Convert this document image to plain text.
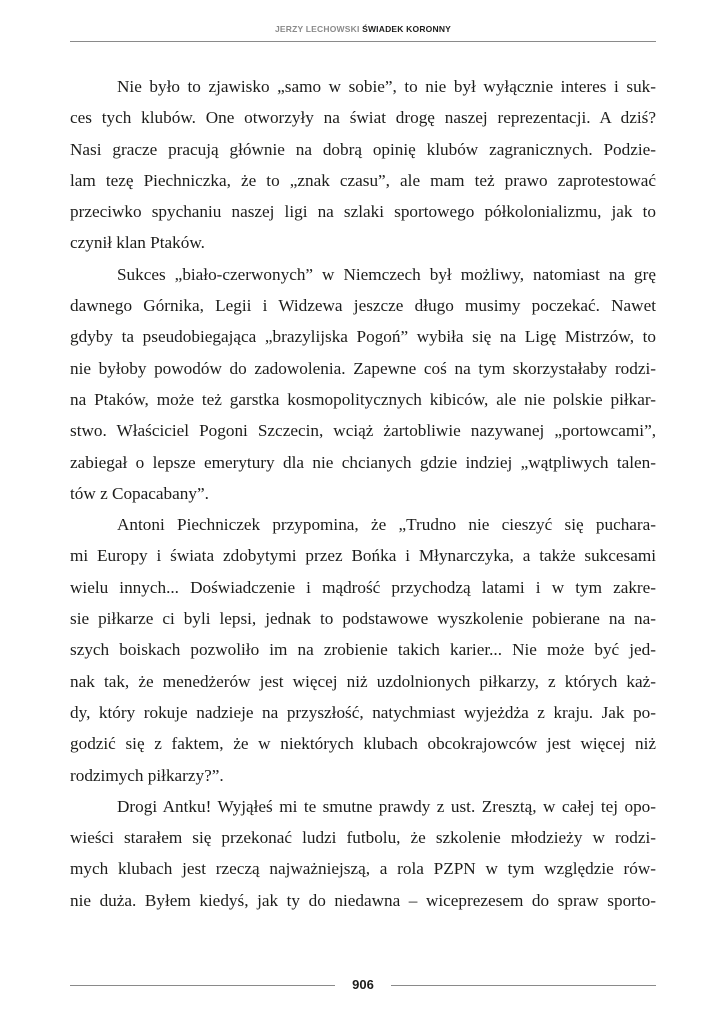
JERZY LECHOWSKI ŚWIADEK KORONNY

Nie było to zjawisko „samo w sobie”, to nie był wyłącznie interes i suk-

ces tych klubów. One otworzyły na świat drogę naszej reprezentacji. A dziś?

Nasi gracze pracują głównie na dobrą opinię klubów zagranicznych. Podzie-

lam tezę Piechniczka, że to „znak czasu”, ale mam też prawo zaprotestować

przeciwko spychaniu naszej ligi na szlaki sportowego półkolonializmu, jak to

czynił klan Ptaków.

Sukces „biało-czerwonych” w Niemczech był możliwy, natomiast na grę

dawnego Górnika, Legii i Widzewa jeszcze długo musimy poczekać. Nawet

gdyby ta pseudobiegająca „brazylijska Pogoń” wybiła się na Ligę Mistrzów, to

nie byłoby powodów do zadowolenia. Zapewne coś na tym skorzystałaby rodzi-

na Ptaków, może też garstka kosmopolitycznych kibiców, ale nie polskie piłkar-

stwo. Właściciel Pogoni Szczecin, wciąż żartobliwie nazywanej „portowcami”,

zabiegał o lepsze emerytury dla nie chcianych gdzie indziej „wątpliwych talen-

tów z Copacabany”.

Antoni Piechniczek przypomina, że „Trudno nie cieszyć się puchara-

mi Europy i świata zdobytymi przez Bońka i Młynarczyka, a także sukcesami

wielu innych... Doświadczenie i mądrość przychodzą latami i w tym zakre-

sie piłkarze ci byli lepsi, jednak to podstawowe wyszkolenie pobierane na na-

szych boiskach pozwoliło im na zrobienie takich karier... Nie może być jed-

nak tak, że menedżerów jest więcej niż uzdolnionych piłkarzy, z których każ-

dy, który rokuje nadzieje na przyszłość, natychmiast wyjeżdża z kraju. Jak po-

godzić się z faktem, że w niektórych klubach obcokrajowców jest więcej niż

rodzimych piłkarzy?”.

Drogi Antku! Wyjąłeś mi te smutne prawdy z ust. Zresztą, w całej tej opo-

wieści starałem się przekonać ludzi futbolu, że szkolenie młodzieży w rodzi-

mych klubach jest rzeczą najważniejszą, a rola PZPN w tym względzie rów-

nie duża. Byłem kiedyś, jak ty do niedawna – wiceprezesem do spraw sporto-

906
